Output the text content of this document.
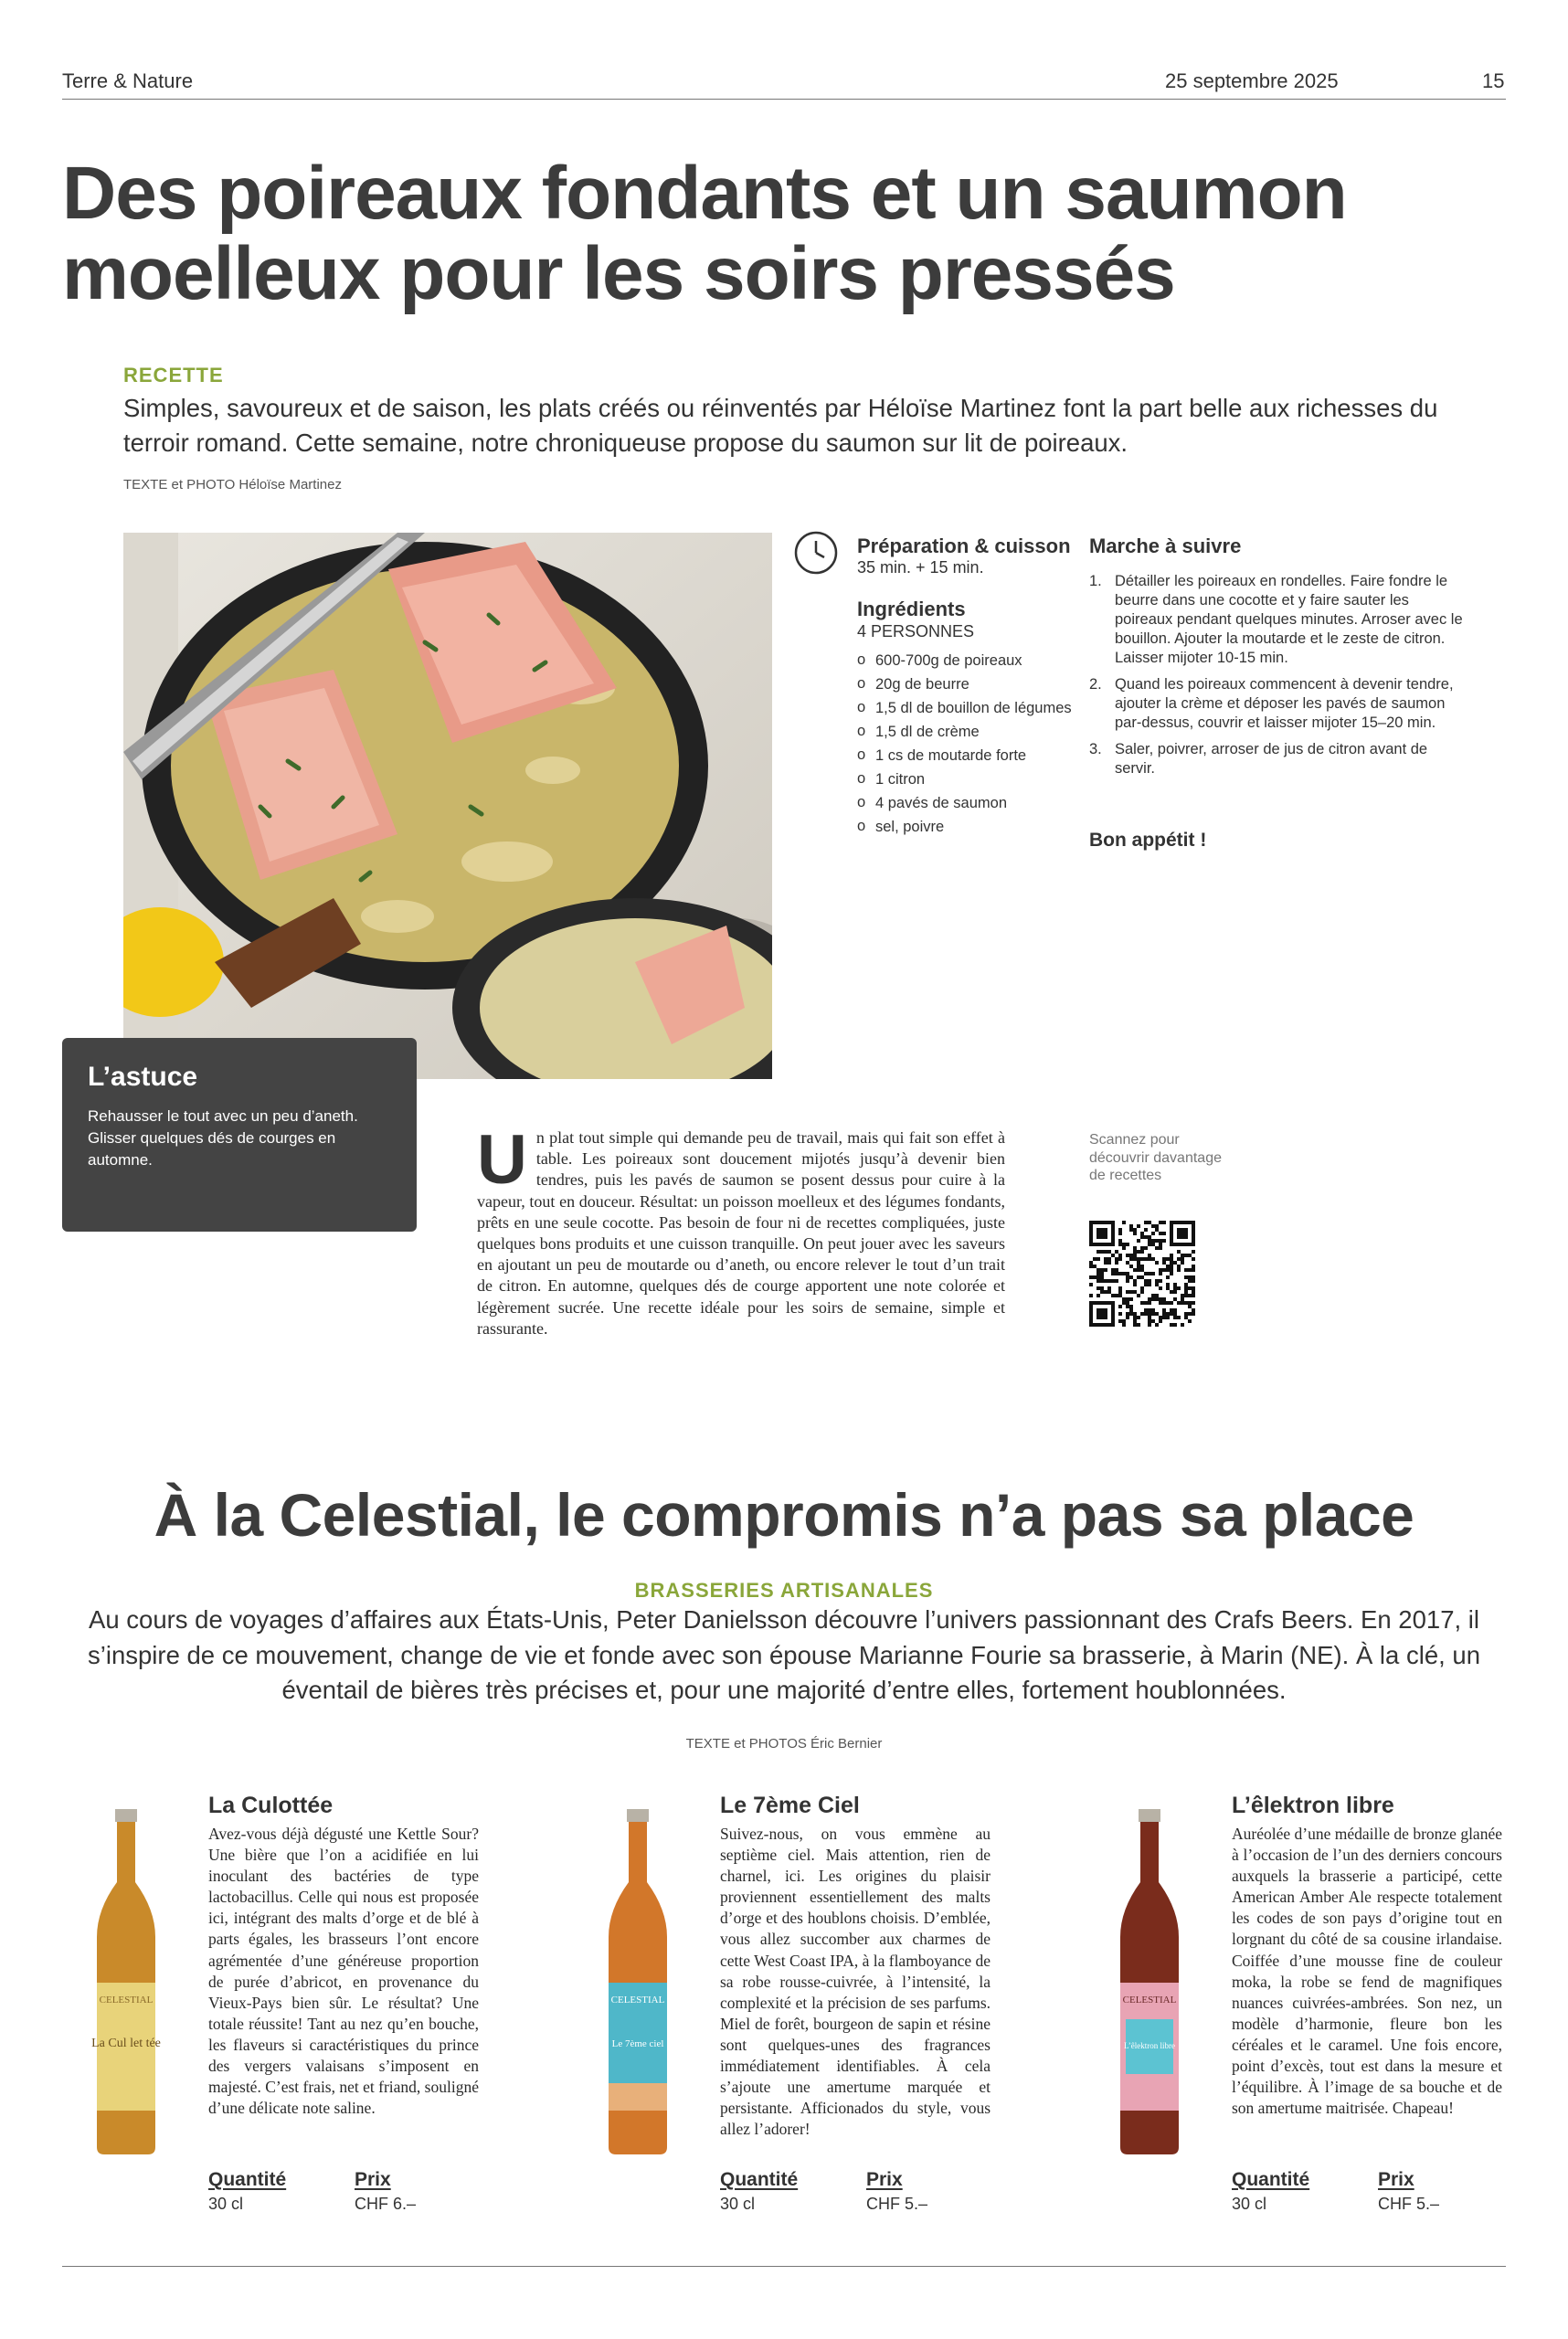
Terre & Nature	25 septembre 2025	15
Des poireaux fondants et un saumon moelleux pour les soirs pressés
RECETTE

Simples, savoureux et de saison, les plats créés ou réinventés par Héloïse Martinez font la part belle aux richesses du terroir romand. Cette semaine, notre chroniqueuse propose du saumon sur lit de poireaux.

TEXTE et PHOTO Héloïse Martinez
L’astuce
Rehausser le tout avec un peu d’aneth. Glisser quelques dés de courges en automne.
Préparation & cuisson
35 min. + 15 min.
Ingrédients
4 PERSONNES
o 600-700g de poireaux
o 20g de beurre
o 1,5 dl de bouillon de légumes
o 1,5 dl de crème
o 1 cs de moutarde forte
o 1 citron
o 4 pavés de saumon
o sel, poivre
Marche à suivre
1. Détailler les poireaux en rondelles. Faire fondre le beurre dans une cocotte et y faire sauter les poireaux pendant quelques minutes. Arroser avec le bouillon. Ajouter la moutarde et le zeste de citron. Laisser mijoter 10-15 min.
2. Quand les poireaux commencent à devenir tendre, ajouter la crème et déposer les pavés de saumon par-dessus, couvrir et laisser mijoter 15–20 min.
3. Saler, poivrer, arroser de jus de citron avant de servir.
Bon appétit !
Un plat tout simple qui demande peu de travail, mais qui fait son effet à table. Les poireaux sont doucement mijotés jusqu’à devenir bien tendres, puis les pavés de saumon se posent dessus pour cuire à la vapeur, tout en douceur. Résultat: un poisson moelleux et des légumes fondants, prêts en une seule cocotte. Pas besoin de four ni de recettes compliquées, juste quelques bons produits et une cuisson tranquille. On peut jouer avec les saveurs en ajoutant un peu de moutarde ou d’aneth, ou encore relever le tout d’un trait de citron. En automne, quelques dés de courge apportent une note colorée et légèrement sucrée. Une recette idéale pour les soirs de semaine, simple et rassurante.
Scannez pour découvrir davantage de recettes
À la Celestial, le compromis n’a pas sa place
BRASSERIES ARTISANALES

Au cours de voyages d’affaires aux États-Unis, Peter Danielsson découvre l’univers passionnant des Crafs Beers. En 2017, il s’inspire de ce mouvement, change de vie et fonde avec son épouse Marianne Fourie sa brasserie, à Marin (NE). À la clé, un éventail de bières très précises et, pour une majorité d’entre elles, fortement houblonnées.

TEXTE et PHOTOS Éric Bernier
CELESTIAL
La Cul let tée
La Culottée

Avez-vous déjà dégusté une Kettle Sour? Une bière que l’on a acidifiée en lui inoculant des bactéries de type lactobacillus. Celle qui nous est proposée ici, intégrant des malts d’orge et de blé à parts égales, les brasseurs l’ont encore agrémentée d’une généreuse proportion de purée d’abricot, en provenance du Vieux-Pays bien sûr. Le résultat? Une totale réussite! Tant au nez qu’en bouche, les flaveurs si caractéristiques du prince des vergers valaisans s’imposent en majesté. C’est frais, net et friand, souligné d’une délicate note saline.

Quantité
30 cl
Prix
CHF 6.–
CELESTIAL
Le 7ème ciel
Le 7ème Ciel

Suivez-nous, on vous emmène au septième ciel. Mais attention, rien de charnel, ici. Les origines du plaisir proviennent essentiellement des malts d’orge et des houblons choisis. D’emblée, vous allez succomber aux charmes de cette West Coast IPA, à la flamboyance de sa robe rousse-cuivrée, à l’intensité, la complexité et la précision de ses parfums. Miel de forêt, bourgeon de sapin et résine sont quelques-unes des fragrances immédiatement identifiables. À cela s’ajoute une amertume marquée et persistante. Afficionados du style, vous allez l’adorer!

Quantité
30 cl
Prix
CHF 5.–
CELESTIAL
L’êlektron libre
L’êlektron libre

Auréolée d’une médaille de bronze glanée à l’occasion de l’un des derniers concours auxquels la brasserie a participé, cette American Amber Ale respecte totalement les codes de son pays d’origine tout en lorgnant du côté de sa cousine irlandaise. Coiffée d’une mousse fine de couleur moka, la robe se fend de magnifiques nuances cuivrées-ambrées. Son nez, un modèle d’harmonie, fleure bon les céréales et le caramel. Une fois encore, point d’excès, tout est dans la mesure et l’équilibre. À l’image de sa bouche et de son amertume maitrisée. Chapeau!

Quantité
30 cl
Prix
CHF 5.–
